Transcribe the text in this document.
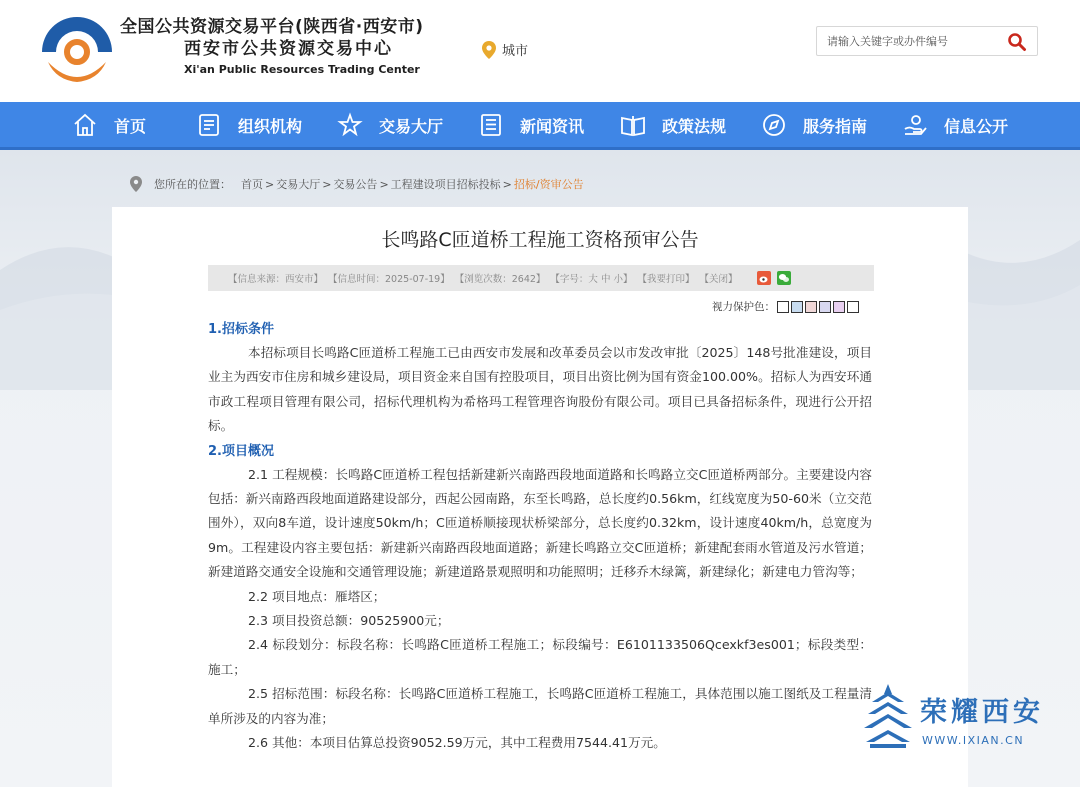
全国公共资源交易平台(陕西省·西安市)
西安市公共资源交易中心
Xi'an Public Resources Trading Center
城市
请输入关键字或办件编号
首页	组织机构	交易大厅	新闻资讯	政策法规	服务指南	信息公开
您所在的位置： 首页 > 交易大厅 > 交易公告 > 工程建设项目招标投标 > 招标/资审公告
长鸣路C匝道桥工程施工资格预审公告
【信息来源：西安市】 【信息时间：2025-07-19】 【浏览次数：2642】 【字号：大 中 小】 【我要打印】 【关闭】
视力保护色：
1.招标条件
本招标项目长鸣路C匝道桥工程施工已由西安市发展和改革委员会以市发改审批〔2025〕148号批准建设，项目业主为西安市住房和城乡建设局，项目资金来自国有控股项目，项目出资比例为国有资金100.00%。招标人为西安环通市政工程项目管理有限公司，招标代理机构为希格玛工程管理咨询股份有限公司。项目已具备招标条件，现进行公开招标。
2.项目概况
2.1 工程规模：长鸣路C匝道桥工程包括新建新兴南路西段地面道路和长鸣路立交C匝道桥两部分。主要建设内容包括：新兴南路西段地面道路建设部分，西起公园南路，东至长鸣路，总长度约0.56km，红线宽度为50-60米（立交范围外），双向8车道，设计速度50km/h；C匝道桥顺接现状桥梁部分，总长度约0.32km，设计速度40km/h，总宽度为9m。工程建设内容主要包括：新建新兴南路西段地面道路；新建长鸣路立交C匝道桥；新建配套雨水管道及污水管道；新建道路交通安全设施和交通管理设施；新建道路景观照明和功能照明；迁移乔木绿篱，新建绿化；新建电力管沟等；
2.2 项目地点：雁塔区；
2.3 项目投资总额：90525900元；
2.4 标段划分：标段名称：长鸣路C匝道桥工程施工；标段编号：E6101133506Qcexkf3es001；标段类型：施工；
2.5 招标范围：标段名称：长鸣路C匝道桥工程施工，长鸣路C匝道桥工程施工，具体范围以施工图纸及工程量清单所涉及的内容为准；
2.6 其他：本项目估算总投资9052.59万元，其中工程费用7544.41万元。
荣耀西安
WWW.IXIAN.CN
